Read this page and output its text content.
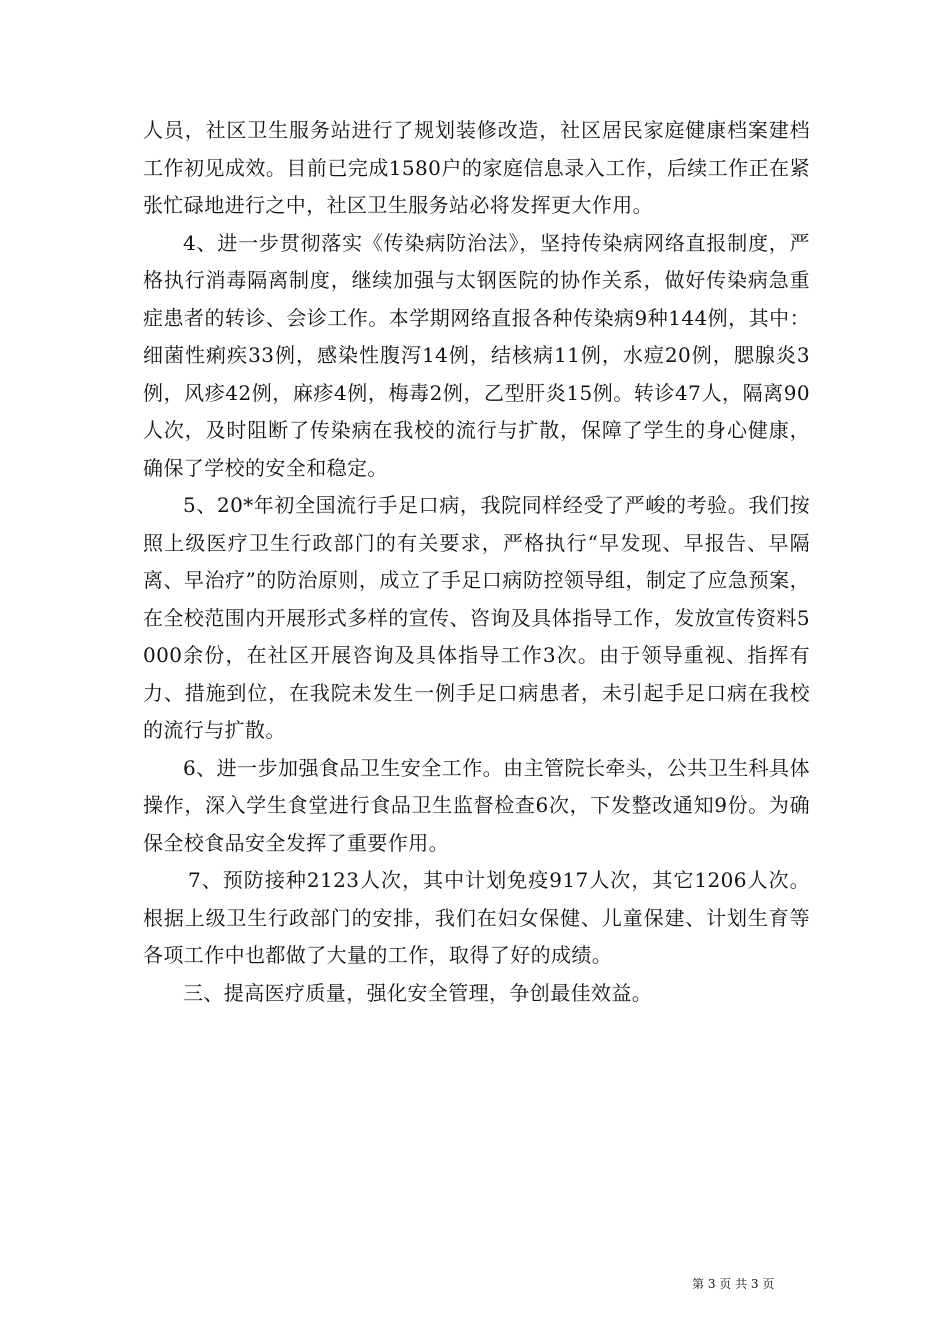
人员，社区卫生服务站进行了规划装修改造，社区居民家庭健康档案建档工作初见成效。目前已完成1580户的家庭信息录入工作，后续工作正在紧张忙碌地进行之中，社区卫生服务站必将发挥更大作用。

4、进一步贯彻落实《传染病防治法》，坚持传染病网络直报制度，严格执行消毒隔离制度，继续加强与太钢医院的协作关系，做好传染病急重症患者的转诊、会诊工作。本学期网络直报各种传染病9种144例，其中：细菌性痢疾33例，感染性腹泻14例，结核病11例，水痘20例，腮腺炎3例，风疹42例，麻疹4例，梅毒2例，乙型肝炎15例。转诊47人，隔离90人次，及时阻断了传染病在我校的流行与扩散，保障了学生的身心健康，确保了学校的安全和稳定。

5、20*年初全国流行手足口病，我院同样经受了严峻的考验。我们按照上级医疗卫生行政部门的有关要求，严格执行“早发现、早报告、早隔离、早治疗”的防治原则，成立了手足口病防控领导组，制定了应急预案，在全校范围内开展形式多样的宣传、咨询及具体指导工作，发放宣传资料5000余份，在社区开展咨询及具体指导工作3次。由于领导重视、指挥有力、措施到位，在我院未发生一例手足口病患者，未引起手足口病在我校的流行与扩散。

6、进一步加强食品卫生安全工作。由主管院长牵头，公共卫生科具体操作，深入学生食堂进行食品卫生监督检查6次，下发整改通知9份。为确保全校食品安全发挥了重要作用。

7、预防接种2123人次，其中计划免疫917人次，其它1206人次。根据上级卫生行政部门的安排，我们在妇女保健、儿童保建、计划生育等各项工作中也都做了大量的工作，取得了好的成绩。

三、提高医疗质量，强化安全管理，争创最佳效益。

第 3 页 共 3 页
